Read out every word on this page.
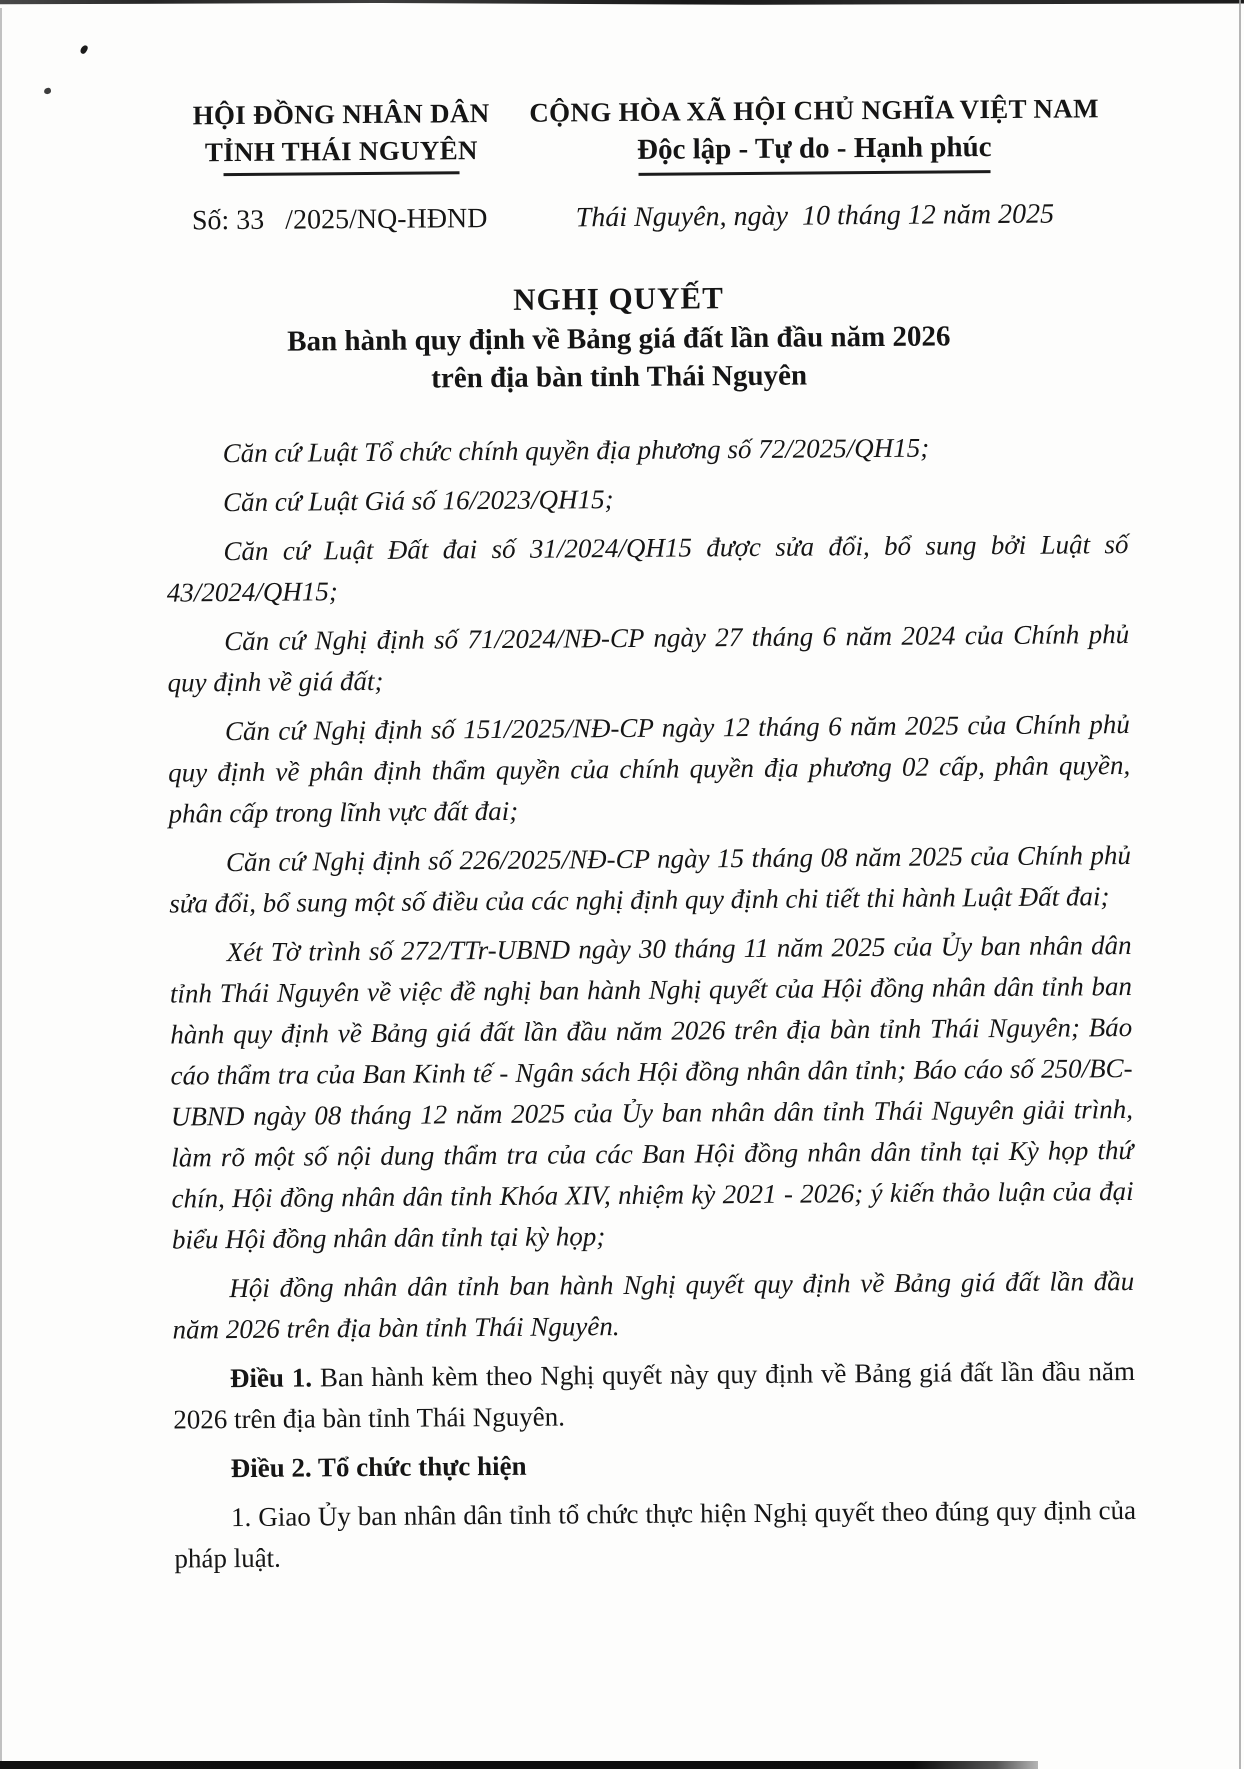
HỘI ĐỒNG NHÂN DÂN
TỈNH THÁI NGUYÊN
CỘNG HÒA XÃ HỘI CHỦ NGHĨA VIỆT NAM
Độc lập - Tự do - Hạnh phúc
Số: 33   /2025/NQ-HĐND	Thái Nguyên, ngày  10 tháng 12 năm 2025
NGHỊ QUYẾT
Ban hành quy định về Bảng giá đất lần đầu năm 2026
trên địa bàn tỉnh Thái Nguyên

Căn cứ Luật Tổ chức chính quyền địa phương số 72/2025/QH15;

Căn cứ Luật Giá số 16/2023/QH15;

Căn cứ Luật Đất đai số 31/2024/QH15 được sửa đổi, bổ sung bởi Luật số 43/2024/QH15;

Căn cứ Nghị định số 71/2024/NĐ-CP ngày 27 tháng 6 năm 2024 của Chính phủ quy định về giá đất;

Căn cứ Nghị định số 151/2025/NĐ-CP ngày 12 tháng 6 năm 2025 của Chính phủ quy định về phân định thẩm quyền của chính quyền địa phương 02 cấp, phân quyền, phân cấp trong lĩnh vực đất đai;

Căn cứ Nghị định số 226/2025/NĐ-CP ngày 15 tháng 08 năm 2025 của Chính phủ sửa đổi, bổ sung một số điều của các nghị định quy định chi tiết thi hành Luật Đất đai;

Xét Tờ trình số 272/TTr-UBND ngày 30 tháng 11 năm 2025 của Ủy ban nhân dân tỉnh Thái Nguyên về việc đề nghị ban hành Nghị quyết của Hội đồng nhân dân tỉnh ban hành quy định về Bảng giá đất lần đầu năm 2026 trên địa bàn tỉnh Thái Nguyên; Báo cáo thẩm tra của Ban Kinh tế - Ngân sách Hội đồng nhân dân tỉnh; Báo cáo số 250/BC-UBND ngày 08 tháng 12 năm 2025 của Ủy ban nhân dân tỉnh Thái Nguyên giải trình, làm rõ một số nội dung thẩm tra của các Ban Hội đồng nhân dân tỉnh tại Kỳ họp thứ chín, Hội đồng nhân dân tỉnh Khóa XIV, nhiệm kỳ 2021 - 2026; ý kiến thảo luận của đại biểu Hội đồng nhân dân tỉnh tại kỳ họp;

Hội đồng nhân dân tỉnh ban hành Nghị quyết quy định về Bảng giá đất lần đầu năm 2026 trên địa bàn tỉnh Thái Nguyên.

Điều 1. Ban hành kèm theo Nghị quyết này quy định về Bảng giá đất lần đầu năm 2026 trên địa bàn tỉnh Thái Nguyên.

Điều 2. Tổ chức thực hiện

1. Giao Ủy ban nhân dân tỉnh tổ chức thực hiện Nghị quyết theo đúng quy định của pháp luật.
